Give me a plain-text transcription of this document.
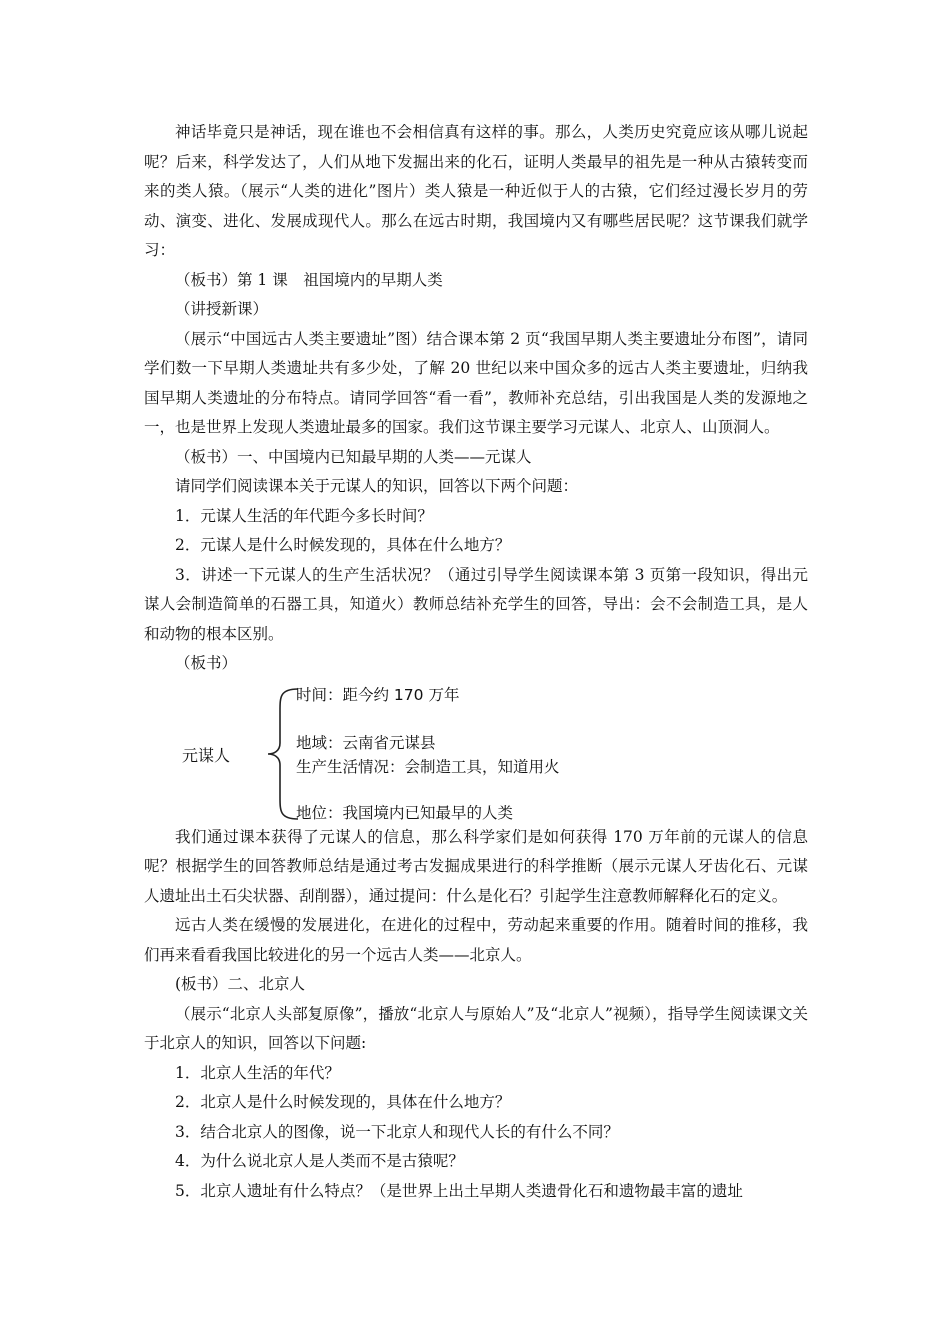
神话毕竟只是神话，现在谁也不会相信真有这样的事。那么，人类历史究竟应该从哪儿说起呢？后来，科学发达了，人们从地下发掘出来的化石，证明人类最早的祖先是一种从古猿转变而来的类人猿。（展示“人类的进化”图片）类人猿是一种近似于人的古猿，它们经过漫长岁月的劳动、演变、进化、发展成现代人。那么在远古时期，我国境内又有哪些居民呢？这节课我们就学习：

（板书）第 1 课　祖国境内的早期人类

（讲授新课）

（展示“中国远古人类主要遗址”图）结合课本第 2 页“我国早期人类主要遗址分布图”，请同学们数一下早期人类遗址共有多少处，了解 20 世纪以来中国众多的远古人类主要遗址，归纳我国早期人类遗址的分布特点。请同学回答“看一看”，教师补充总结，引出我国是人类的发源地之一，也是世界上发现人类遗址最多的国家。我们这节课主要学习元谋人、北京人、山顶洞人。

（板书）一、中国境内已知最早期的人类——元谋人

请同学们阅读课本关于元谋人的知识，回答以下两个问题：

1．元谋人生活的年代距今多长时间？

2．元谋人是什么时候发现的，具体在什么地方？

3．讲述一下元谋人的生产生活状况？（通过引导学生阅读课本第 3 页第一段知识，得出元谋人会制造简单的石器工具，知道火）教师总结补充学生的回答，导出：会不会制造工具，是人和动物的根本区别。

（板书）

元谋人
时间：距今约 170 万年
地域：云南省元谋县
生产生活情况：会制造工具，知道用火
地位：我国境内已知最早的人类

我们通过课本获得了元谋人的信息，那么科学家们是如何获得 170 万年前的元谋人的信息呢？根据学生的回答教师总结是通过考古发掘成果进行的科学推断（展示元谋人牙齿化石、元谋人遗址出土石尖状器、刮削器），通过提问：什么是化石？引起学生注意教师解释化石的定义。

远古人类在缓慢的发展进化，在进化的过程中，劳动起来重要的作用。随着时间的推移，我们再来看看我国比较进化的另一个远古人类——北京人。

(板书）二、北京人

（展示“北京人头部复原像”，播放“北京人与原始人”及“北京人”视频），指导学生阅读课文关于北京人的知识，回答以下问题:

1．北京人生活的年代？

2．北京人是什么时候发现的，具体在什么地方？

3．结合北京人的图像，说一下北京人和现代人长的有什么不同？

4．为什么说北京人是人类而不是古猿呢？

5．北京人遗址有什么特点？（是世界上出土早期人类遗骨化石和遗物最丰富的遗址
